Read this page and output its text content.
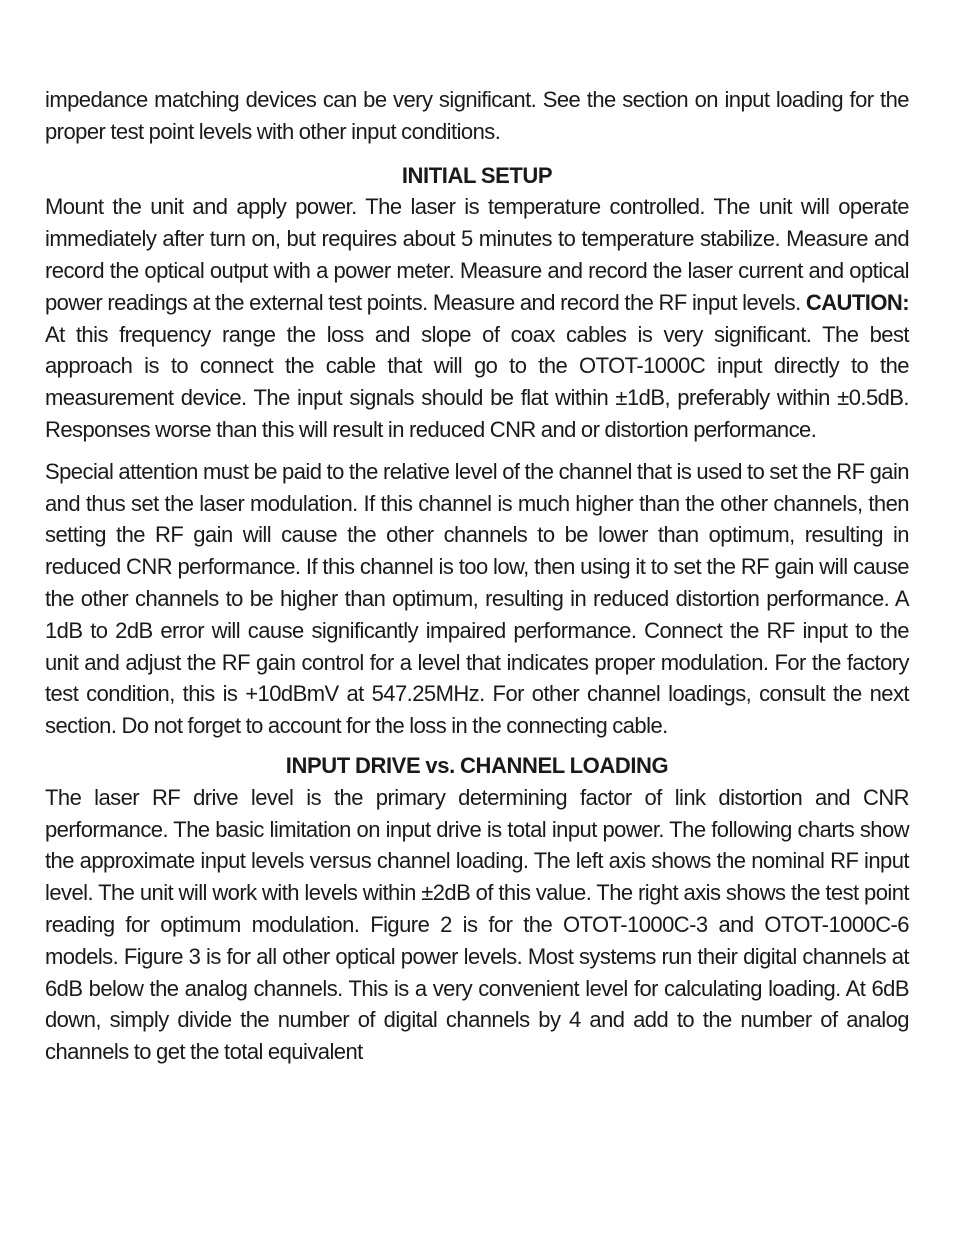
impedance matching devices can be very significant. See the section on input loading for the proper test point levels with other input conditions.

INITIAL SETUP

Mount the unit and apply power. The laser is temperature controlled. The unit will operate immediately after turn on, but requires about 5 minutes to temperature stabilize. Measure and record the optical output with a power meter. Measure and record the laser current and optical power readings at the external test points. Measure and record the RF input levels. CAUTION: At this frequency range the loss and slope of coax cables is very significant. The best approach is to connect the cable that will go to the OTOT-1000C input directly to the measurement device. The input signals should be flat within ±1dB, preferably within ±0.5dB. Responses worse than this will result in reduced CNR and or distortion performance.

Special attention must be paid to the relative level of the channel that is used to set the RF gain and thus set the laser modulation. If this channel is much higher than the other channels, then setting the RF gain will cause the other channels to be lower than optimum, resulting in reduced CNR performance. If this channel is too low, then using it to set the RF gain will cause the other channels to be higher than optimum, resulting in reduced distortion performance. A 1dB to 2dB error will cause significantly impaired performance. Connect the RF input to the unit and adjust the RF gain control for a level that indicates proper modulation. For the factory test condition, this is +10dBmV at 547.25MHz. For other channel loadings, consult the next section. Do not forget to account for the loss in the connecting cable.

INPUT DRIVE vs. CHANNEL LOADING

The laser RF drive level is the primary determining factor of link distortion and CNR performance. The basic limitation on input drive is total input power. The following charts show the approximate input levels versus channel loading. The left axis shows the nominal RF input level. The unit will work with levels within ±2dB of this value. The right axis shows the test point reading for optimum modulation. Figure 2 is for the OTOT-1000C-3 and OTOT-1000C-6 models. Figure 3 is for all other optical power levels. Most systems run their digital channels at 6dB below the analog channels. This is a very convenient level for calculating loading. At 6dB down, simply divide the number of digital channels by 4 and add to the number of analog channels to get the total equivalent
